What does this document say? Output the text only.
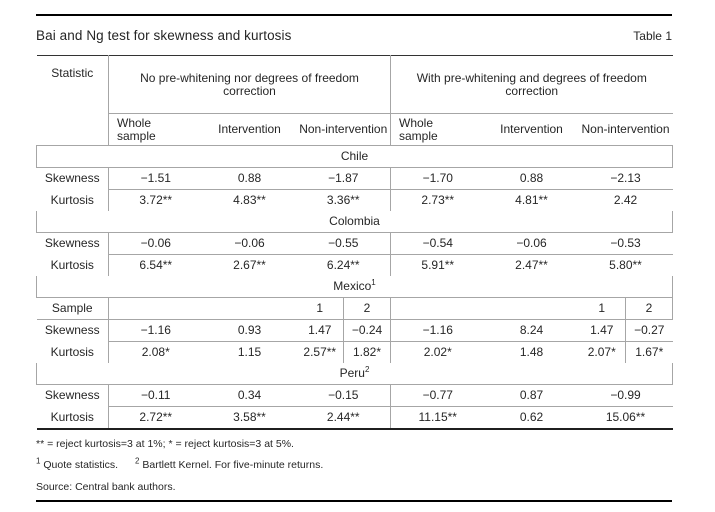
Bai and Ng test for skewness and kurtosis	Table 1
Statistic	No pre-whitening nor degrees of freedom correction				With pre-whitening and degrees of freedom correction			
	Whole sample	Intervention	Non-intervention		Whole sample	Intervention	Non-intervention	
Chile								
Skewness	−1.51	0.88	−1.87		−1.70	0.88	−2.13	
Kurtosis	3.72**	4.83**	3.36**		2.73**	4.81**	2.42	
Colombia								
Skewness	−0.06	−0.06	−0.55		−0.54	−0.06	−0.53	
Kurtosis	6.54**	2.67**	6.24**		5.91**	2.47**	5.80**	
Mexico$^1$
Sample			1	2			1	2
Skewness	−1.16	0.93	1.47	−0.24	−1.16	8.24	1.47	−0.27
Kurtosis	2.08*	1.15	2.57**	1.82*	2.02*	1.48	2.07*	1.67*
Peru$^2$
Skewness	−0.11	0.34	−0.15		−0.77	0.87	−0.99	
Kurtosis	2.72**	3.58**	2.44**		11.15**	0.62	15.06**	
** = reject kurtosis=3 at 1%; * = reject kurtosis=3 at 5%.
$^1$ Quote statistics. $^2$ Bartlett Kernel. For five-minute returns.
Source: Central bank authors.
